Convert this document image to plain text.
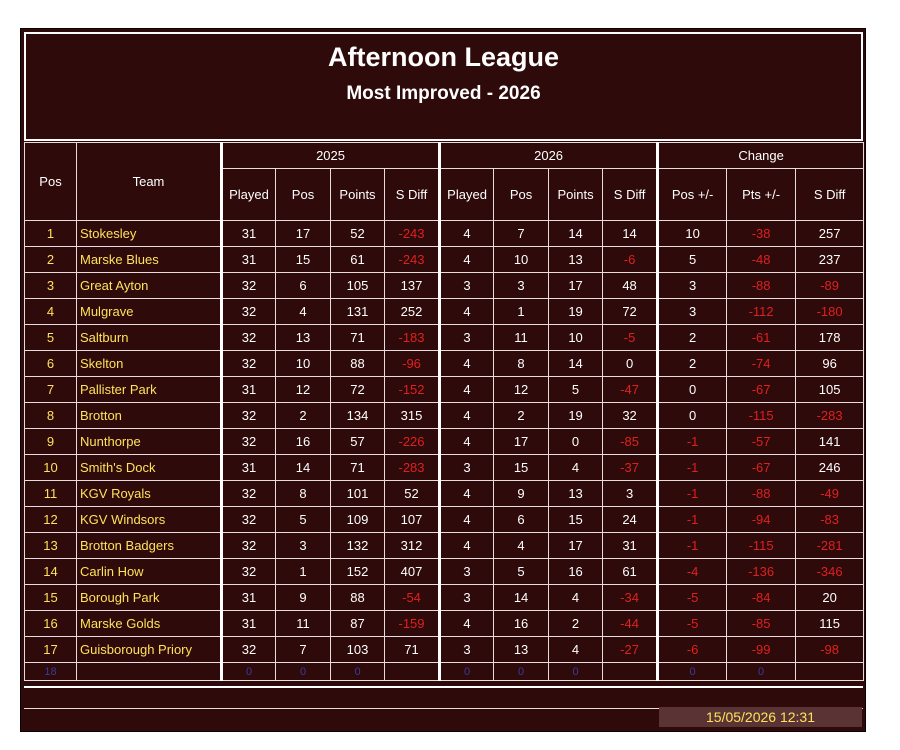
Afternoon League
Most Improved - 2026
Pos	Team	2025				2026				Change		
		Played	Pos	Points	S Diff	Played	Pos	Points	S Diff	Pos +/-	Pts +/-	S Diff
1	Stokesley	31	17	52	-243	4	7	14	14	10	-38	257
2	Marske Blues	31	15	61	-243	4	10	13	-6	5	-48	237
3	Great Ayton	32	6	105	137	3	3	17	48	3	-88	-89
4	Mulgrave	32	4	131	252	4	1	19	72	3	-112	-180
5	Saltburn	32	13	71	-183	3	11	10	-5	2	-61	178
6	Skelton	32	10	88	-96	4	8	14	0	2	-74	96
7	Pallister Park	31	12	72	-152	4	12	5	-47	0	-67	105
8	Brotton	32	2	134	315	4	2	19	32	0	-115	-283
9	Nunthorpe	32	16	57	-226	4	17	0	-85	-1	-57	141
10	Smith's Dock	31	14	71	-283	3	15	4	-37	-1	-67	246
11	KGV Royals	32	8	101	52	4	9	13	3	-1	-88	-49
12	KGV Windsors	32	5	109	107	4	6	15	24	-1	-94	-83
13	Brotton Badgers	32	3	132	312	4	4	17	31	-1	-115	-281
14	Carlin How	32	1	152	407	3	5	16	61	-4	-136	-346
15	Borough Park	31	9	88	-54	3	14	4	-34	-5	-84	20
16	Marske Golds	31	11	87	-159	4	16	2	-44	-5	-85	115
17	Guisborough Priory	32	7	103	71	3	13	4	-27	-6	-99	-98
18		0	0	0		0	0	0		0	0	
15/05/2026 12:31
